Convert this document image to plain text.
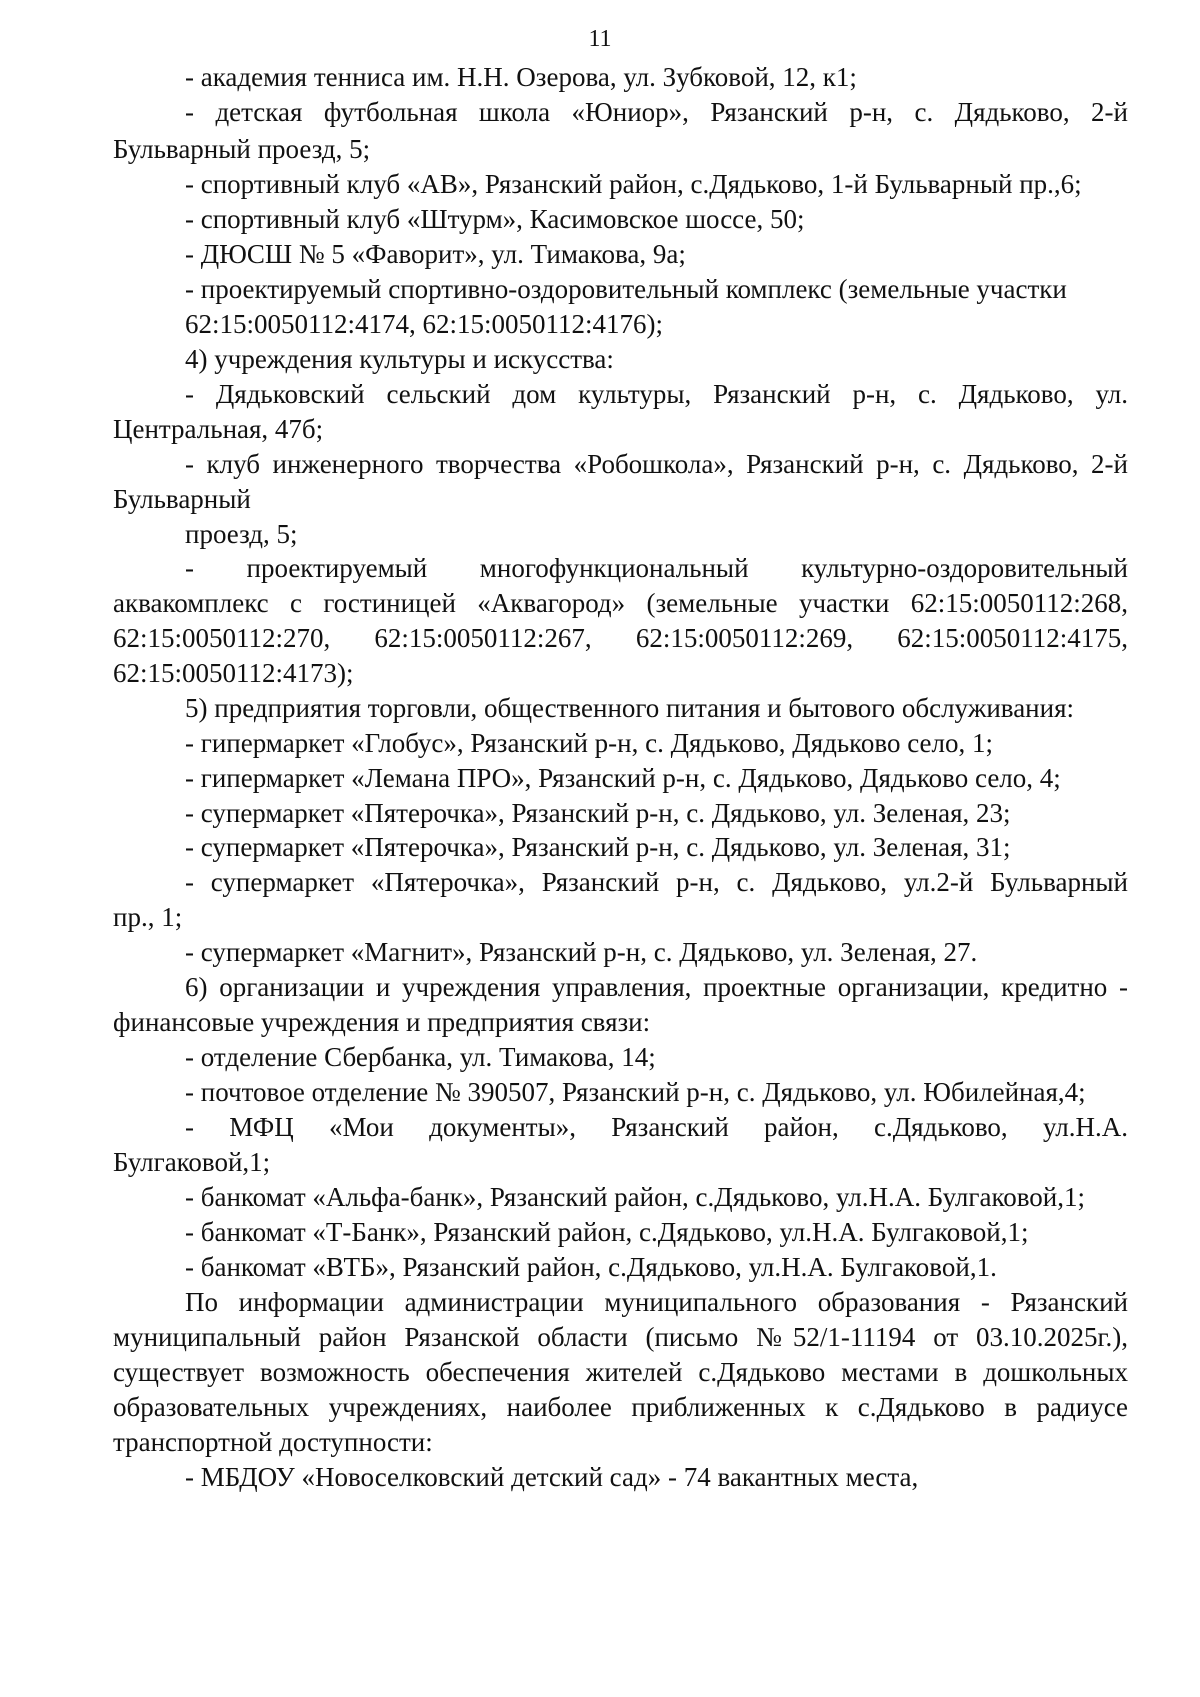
11
- академия тенниса им. Н.Н. Озерова, ул. Зубковой, 12, к1;
- детская футбольная школа «Юниор», Рязанский р-н, с. Дядьково, 2-й
Бульварный проезд, 5;
- спортивный клуб «АВ», Рязанский район, с.Дядьково, 1-й Бульварный пр.,6;
- спортивный клуб «Штурм», Касимовское шоссе, 50;
- ДЮСШ № 5 «Фаворит», ул. Тимакова, 9а;
- проектируемый спортивно-оздоровительный комплекс (земельные участки
62:15:0050112:4174, 62:15:0050112:4176);
4) учреждения культуры и искусства:
- Дядьковский сельский дом культуры, Рязанский р-н, с. Дядьково, ул.
Центральная, 47б;
- клуб инженерного творчества «Робошкола», Рязанский р-н, с. Дядьково, 2-й
Бульварный
проезд, 5;
- проектируемый многофункциональный культурно-оздоровительный
аквакомплекс с гостиницей «Аквагород» (земельные участки 62:15:0050112:268,
62:15:0050112:270, 62:15:0050112:267, 62:15:0050112:269, 62:15:0050112:4175,
62:15:0050112:4173);
5) предприятия торговли, общественного питания и бытового обслуживания:
- гипермаркет «Глобус», Рязанский р-н, с. Дядьково, Дядьково село, 1;
- гипермаркет «Лемана ПРО», Рязанский р-н, с. Дядьково, Дядьково село, 4;
- супермаркет «Пятерочка», Рязанский р-н, с. Дядьково, ул. Зеленая, 23;
- супермаркет «Пятерочка», Рязанский р-н, с. Дядьково, ул. Зеленая, 31;
- супермаркет «Пятерочка», Рязанский р-н, с. Дядьково, ул.2-й Бульварный
пр., 1;
- супермаркет «Магнит», Рязанский р-н, с. Дядьково, ул. Зеленая, 27.
6) организации и учреждения управления, проектные организации, кредитно -
финансовые учреждения и предприятия связи:
- отделение Сбербанка, ул. Тимакова, 14;
- почтовое отделение № 390507, Рязанский р-н, с. Дядьково, ул. Юбилейная,4;
- МФЦ «Мои документы», Рязанский район, с.Дядьково, ул.Н.А.
Булгаковой,1;
- банкомат «Альфа-банк», Рязанский район, с.Дядьково, ул.Н.А. Булгаковой,1;
- банкомат «Т-Банк», Рязанский район, с.Дядьково, ул.Н.А. Булгаковой,1;
- банкомат «ВТБ», Рязанский район, с.Дядьково, ул.Н.А. Булгаковой,1.
По информации администрации муниципального образования - Рязанский
муниципальный район Рязанской области (письмо №52/1-11194 от 03.10.2025г.),
существует возможность обеспечения жителей с.Дядьково местами в дошкольных
образовательных учреждениях, наиболее приближенных к с.Дядьково в радиусе
транспортной доступности:
- МБДОУ «Новоселковский детский сад» - 74 вакантных места,
